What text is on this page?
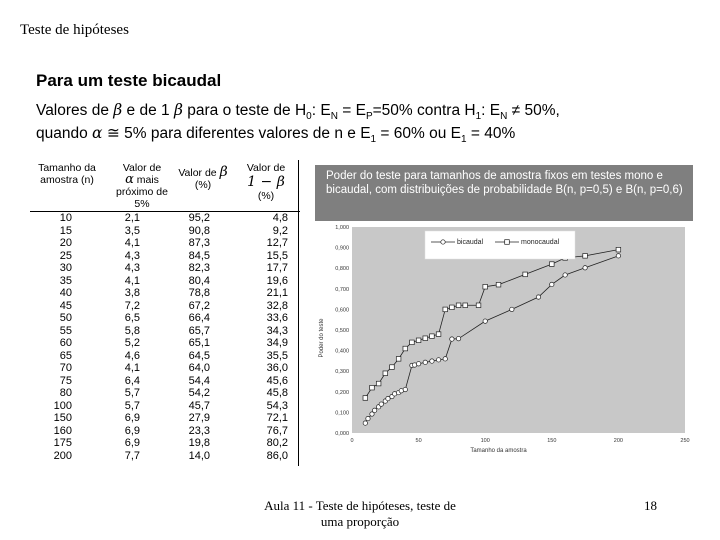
Teste de hipóteses
Para um teste bicaudal
Valores de β e de 1 β para o teste de $H_0$: $E_N = E_P=50\%$ contra $H_1$: $E_N \ne 50\%$,
quando α ≅ 5% para diferentes valores de n e $E_1 = 60\%$ ou $E_1 = 40\%$
Tamanho da
amostra (n)
Valor de
α mais
próximo de
5%
Valor de β
(%)
Valor de
1 − β
(%)
10	2,1	95,2	4,8
15	3,5	90,8	9,2
20	4,1	87,3	12,7
25	4,3	84,5	15,5
30	4,3	82,3	17,7
35	4,1	80,4	19,6
40	3,8	78,8	21,1
45	7,2	67,2	32,8
50	6,5	66,4	33,6
55	5,8	65,7	34,3
60	5,2	65,1	34,9
65	4,6	64,5	35,5
70	4,1	64,0	36,0
75	6,4	54,4	45,6
80	5,7	54,2	45,8
100	5,7	45,7	54,3
150	6,9	27,9	72,1
160	6,9	23,3	76,7
175	6,9	19,8	80,2
200	7,7	14,0	86,0
0,000
0,100
0,200
0,300
0,400
0,500
0,600
0,700
0,800
0,900
1,000
0	50	100	150	200	250
Tamanho da amostra
Poder do teste
bicaudal	monocaudal
Poder do teste para tamanhos de amostra fixos em testes mono e bicaudal, com distribuições de probabilidade B(n, p=0,5) e B(n, p=0,6)
Aula 11 - Teste de hipóteses, teste de
uma proporção
18
